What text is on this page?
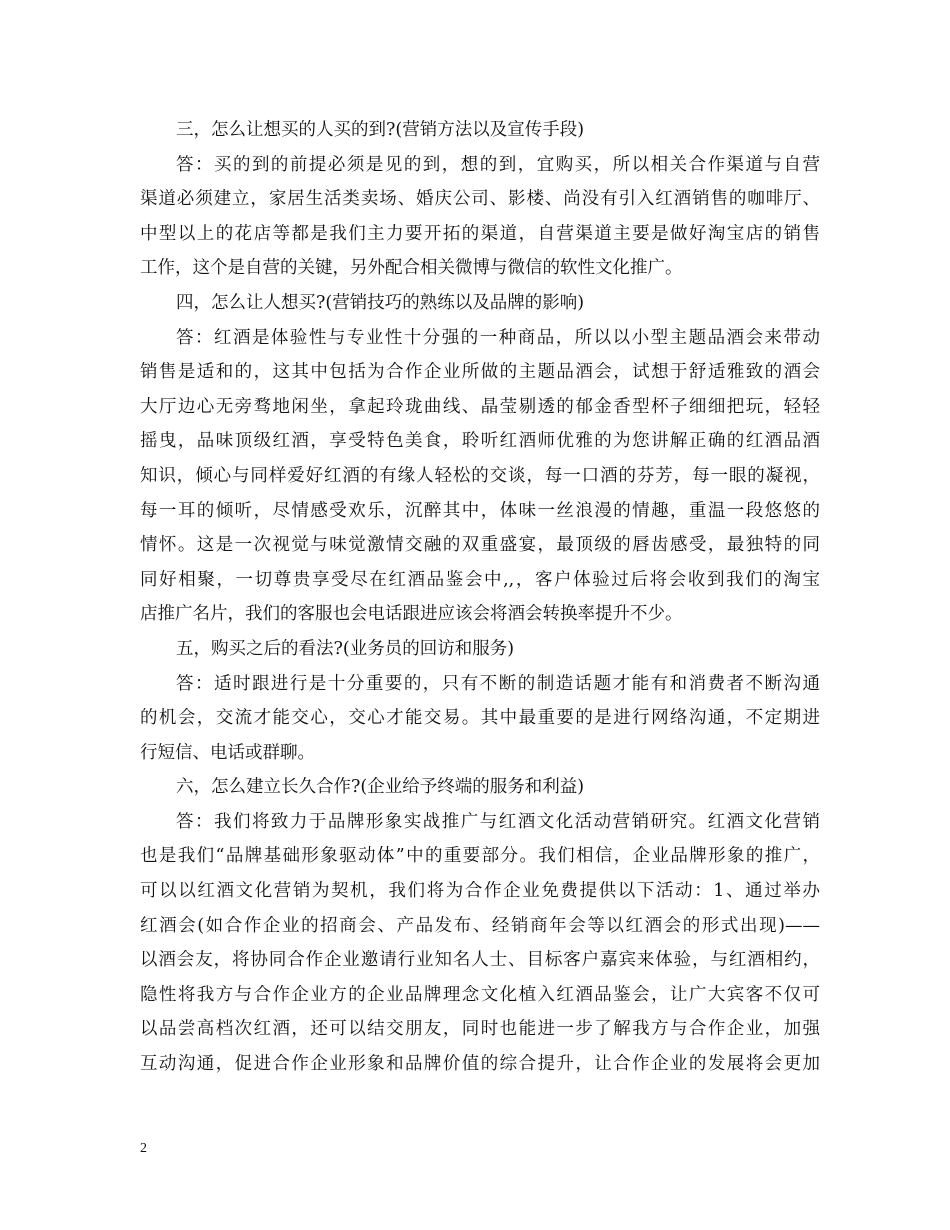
三，怎么让想买的人买的到?(营销方法以及宣传手段)
答：买的到的前提必须是见的到，想的到，宜购买，所以相关合作渠道与自营
渠道必须建立，家居生活类卖场、婚庆公司、影楼、尚没有引入红酒销售的咖啡厅、
中型以上的花店等都是我们主力要开拓的渠道，自营渠道主要是做好淘宝店的销售
工作，这个是自营的关键，另外配合相关微博与微信的软性文化推广。
四，怎么让人想买?(营销技巧的熟练以及品牌的影响)
答：红酒是体验性与专业性十分强的一种商品，所以以小型主题品酒会来带动
销售是适和的，这其中包括为合作企业所做的主题品酒会，试想于舒适雅致的酒会
大厅边心无旁骛地闲坐，拿起玲珑曲线、晶莹剔透的郁金香型杯子细细把玩，轻轻
摇曳，品味顶级红酒，享受特色美食，聆听红酒师优雅的为您讲解正确的红酒品酒
知识，倾心与同样爱好红酒的有缘人轻松的交谈，每一口酒的芬芳，每一眼的凝视，
每一耳的倾听，尽情感受欢乐，沉醉其中，体味一丝浪漫的情趣，重温一段悠悠的
情怀。这是一次视觉与味觉激情交融的双重盛宴，最顶级的唇齿感受，最独特的同
同好相聚，一切尊贵享受尽在红酒品鉴会中,,，客户体验过后将会收到我们的淘宝
店推广名片，我们的客服也会电话跟进应该会将酒会转换率提升不少。
五，购买之后的看法?(业务员的回访和服务)
答：适时跟进行是十分重要的，只有不断的制造话题才能有和消费者不断沟通
的机会，交流才能交心，交心才能交易。其中最重要的是进行网络沟通，不定期进
行短信、电话或群聊。
六，怎么建立长久合作?(企业给予终端的服务和利益)
答：我们将致力于品牌形象实战推广与红酒文化活动营销研究。红酒文化营销
也是我们“品牌基础形象驱动体”中的重要部分。我们相信，企业品牌形象的推广，
可以以红酒文化营销为契机，我们将为合作企业免费提供以下活动：1、通过举办
红酒会(如合作企业的招商会、产品发布、经销商年会等以红酒会的形式出现)——
以酒会友，将协同合作企业邀请行业知名人士、目标客户嘉宾来体验，与红酒相约，
隐性将我方与合作企业方的企业品牌理念文化植入红酒品鉴会，让广大宾客不仅可
以品尝高档次红酒，还可以结交朋友，同时也能进一步了解我方与合作企业，加强
互动沟通，促进合作企业形象和品牌价值的综合提升，让合作企业的发展将会更加
2
